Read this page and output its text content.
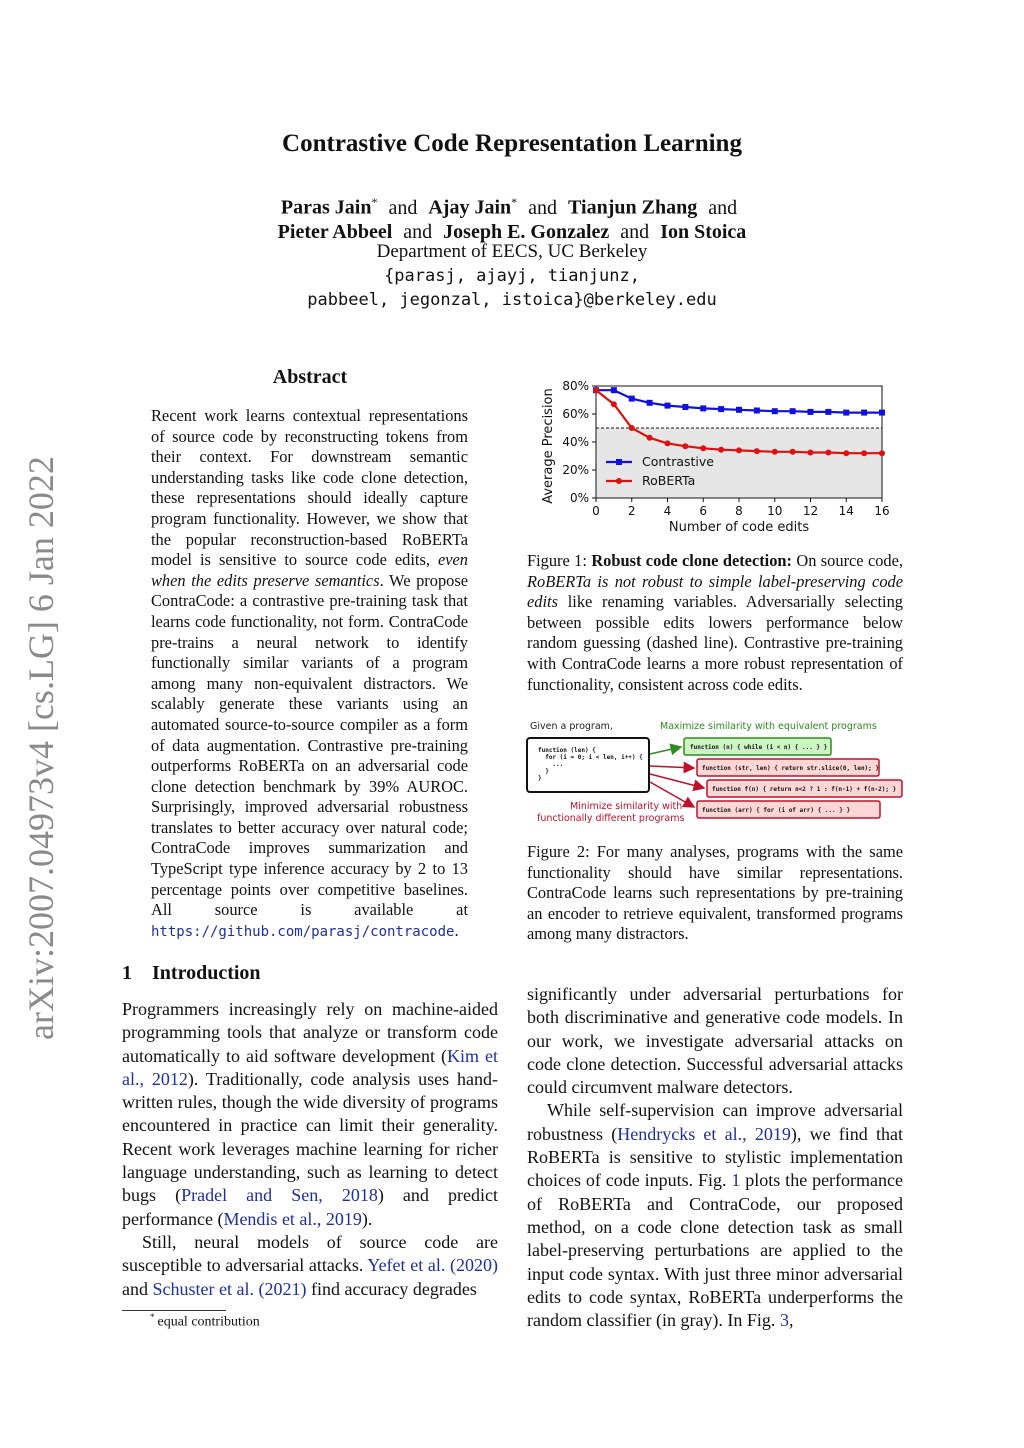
arXiv:2007.04973v4 [cs.LG] 6 Jan 2022
Contrastive Code Representation Learning
Paras Jain* and Ajay Jain* and Tianjun Zhang and
Pieter Abbeel and Joseph E. Gonzalez and Ion Stoica
Department of EECS, UC Berkeley
{parasj, ajayj, tianjunz,
pabbeel, jegonzal, istoica}@berkeley.edu
Abstract
Recent work learns contextual representations of source code by reconstructing tokens from their context. For downstream semantic understanding tasks like code clone detection, these representations should ideally capture program functionality. However, we show that the popular reconstruction-based RoBERTa model is sensitive to source code edits, even when the edits preserve semantics. We propose ContraCode: a contrastive pre-training task that learns code functionality, not form. ContraCode pre-trains a neural network to identify functionally similar variants of a program among many non-equivalent distractors. We scalably generate these variants using an automated source-to-source compiler as a form of data augmentation. Contrastive pre-training outperforms RoBERTa on an adversarial code clone detection benchmark by 39% AUROC. Surprisingly, improved adversarial robustness translates to better accuracy over natural code; ContraCode improves summarization and TypeScript type inference accuracy by 2 to 13 percentage points over competitive baselines. All source is available at https://github.com/parasj/contracode.
1 Introduction

Programmers increasingly rely on machine-aided programming tools that analyze or transform code automatically to aid software development (Kim et al., 2012). Traditionally, code analysis uses hand-written rules, though the wide diversity of programs encountered in practice can limit their generality. Recent work leverages machine learning for richer language understanding, such as learning to detect bugs (Pradel and Sen, 2018) and predict performance (Mendis et al., 2019).

Still, neural models of source code are susceptible to adversarial attacks. Yefet et al. (2020) and Schuster et al. (2021) find accuracy degrades

* equal contribution

significantly under adversarial perturbations for both discriminative and generative code models. In our work, we investigate adversarial attacks on code clone detection. Successful adversarial attacks could circumvent malware detectors.

While self-supervision can improve adversarial robustness (Hendrycks et al., 2019), we find that RoBERTa is sensitive to stylistic implementation choices of code inputs. Fig. 1 plots the performance of RoBERTa and ContraCode, our proposed method, on a code clone detection task as small label-preserving perturbations are applied to the input code syntax. With just three minor adversarial edits to code syntax, RoBERTa underperforms the random classifier (in gray). In Fig. 3,

0%
20%
40%
60%
80%
0 2 4 6 8 10 12 14 16
Number of code edits
Average Precision	Contrastive
RoBERTa
Figure 1: Robust code clone detection: On source code, RoBERTa is not robust to simple label-preserving code edits like renaming variables. Adversarially selecting between possible edits lowers performance below random guessing (dashed line). Contrastive pre-training with ContraCode learns a more robust representation of functionality, consistent across code edits.
Given a program,	Maximize similarity with equivalent programs
function (len) {
for (i = 0; i < len, i++) {
...
}
}
function (n) { while (i < n) { ... } }
function (str, len) { return str.slice(0, len); }
function f(n) { return n<2 ? 1 : f(n-1) + f(n-2); }
function (arr) { for (i of arr) { ... } }
Minimize similarity with
functionally different programs
Figure 2: For many analyses, programs with the same functionality should have similar representations. ContraCode learns such representations by pre-training an encoder to retrieve equivalent, transformed programs among many distractors.
